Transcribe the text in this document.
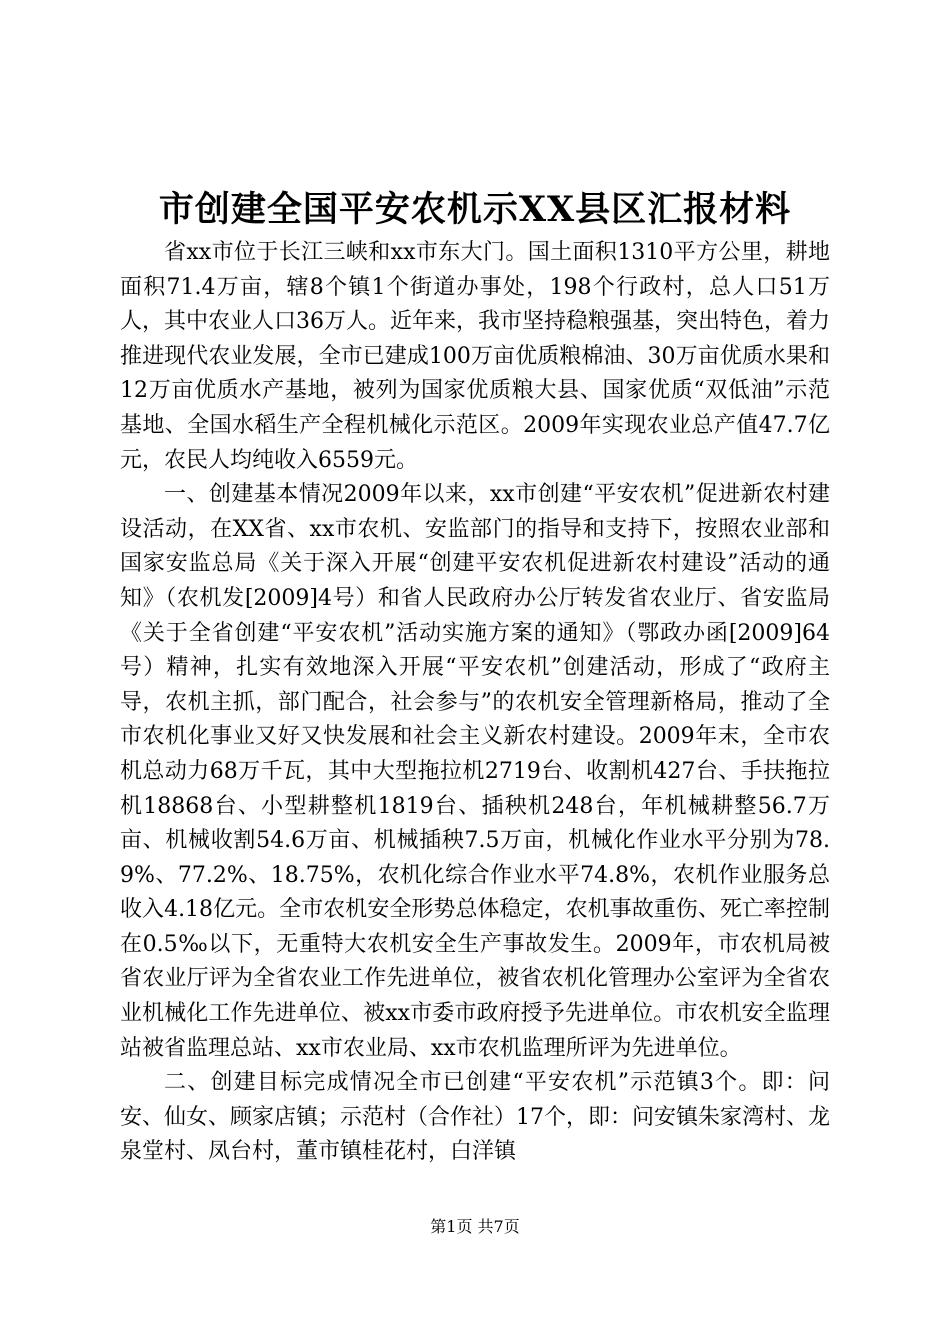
市创建全国平安农机示XX县区汇报材料

省xx市位于长江三峡和xx市东大门。国土面积1310平方公里，耕地面积71.4万亩，辖8个镇1个街道办事处，198个行政村，总人口51万人，其中农业人口36万人。近年来，我市坚持稳粮强基，突出特色，着力推进现代农业发展，全市已建成100万亩优质粮棉油、30万亩优质水果和12万亩优质水产基地，被列为国家优质粮大县、国家优质“双低油”示范基地、全国水稻生产全程机械化示范区。2009年实现农业总产值47.7亿元，农民人均纯收入6559元。

一、创建基本情况2009年以来，xx市创建“平安农机”促进新农村建设活动，在XX省、xx市农机、安监部门的指导和支持下，按照农业部和国家安监总局《关于深入开展“创建平安农机促进新农村建设”活动的通知》（农机发[2009]4号）和省人民政府办公厅转发省农业厅、省安监局《关于全省创建“平安农机”活动实施方案的通知》（鄂政办函[2009]64号）精神，扎实有效地深入开展“平安农机”创建活动，形成了“政府主导，农机主抓，部门配合，社会参与”的农机安全管理新格局，推动了全市农机化事业又好又快发展和社会主义新农村建设。2009年末，全市农机总动力68万千瓦，其中大型拖拉机2719台、收割机427台、手扶拖拉机18868台、小型耕整机1819台、插秧机248台，年机械耕整56.7万亩、机械收割54.6万亩、机械插秧7.5万亩，机械化作业水平分别为78.9%、77.2%、18.75%，农机化综合作业水平74.8%，农机作业服务总收入4.18亿元。全市农机安全形势总体稳定，农机事故重伤、死亡率控制在0.5‰以下，无重特大农机安全生产事故发生。2009年，市农机局被省农业厅评为全省农业工作先进单位，被省农机化管理办公室评为全省农业机械化工作先进单位、被xx市委市政府授予先进单位。市农机安全监理站被省监理总站、xx市农业局、xx市农机监理所评为先进单位。

二、创建目标完成情况全市已创建“平安农机”示范镇3个。即：问安、仙女、顾家店镇；示范村（合作社）17个，即：问安镇朱家湾村、龙泉堂村、凤台村，董市镇桂花村，白洋镇

第1页 共7页
